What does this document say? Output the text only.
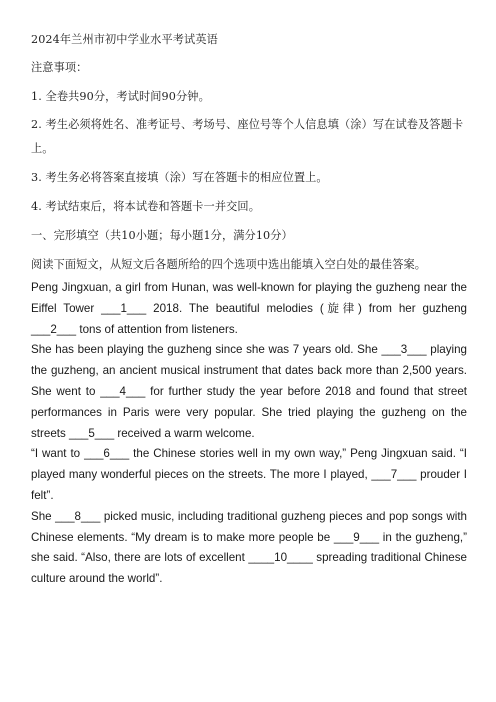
2024年兰州市初中学业水平考试英语

注意事项：

1. 全卷共90分，考试时间90分钟。

2. 考生必须将姓名、准考证号、考场号、座位号等个人信息填（涂）写在试卷及答题卡上。

3. 考生务必将答案直接填（涂）写在答题卡的相应位置上。

4. 考试结束后，将本试卷和答题卡一并交回。

一、完形填空（共10小题；每小题1分，满分10分）

阅读下面短文，从短文后各题所给的四个选项中选出能填入空白处的最佳答案。

Peng Jingxuan, a girl from Hunan, was well-known for playing the guzheng near the Eiffel Tower ___1___ 2018. The beautiful melodies (旋律) from her guzheng ___2___ tons of attention from listeners.

She has been playing the guzheng since she was 7 years old. She ___3___ playing the guzheng, an ancient musical instrument that dates back more than 2,500 years. She went to ___4___ for further study the year before 2018 and found that street performances in Paris were very popular. She tried playing the guzheng on the streets ___5___ received a warm welcome.

“I want to ___6___ the Chinese stories well in my own way,” Peng Jingxuan said. “I played many wonderful pieces on the streets. The more I played, ___7___ prouder I felt”.

She ___8___ picked music, including traditional guzheng pieces and pop songs with Chinese elements. “My dream is to make more people be ___9___ in the guzheng,” she said. “Also, there are lots of excellent ____10____ spreading traditional Chinese culture around the world”.
